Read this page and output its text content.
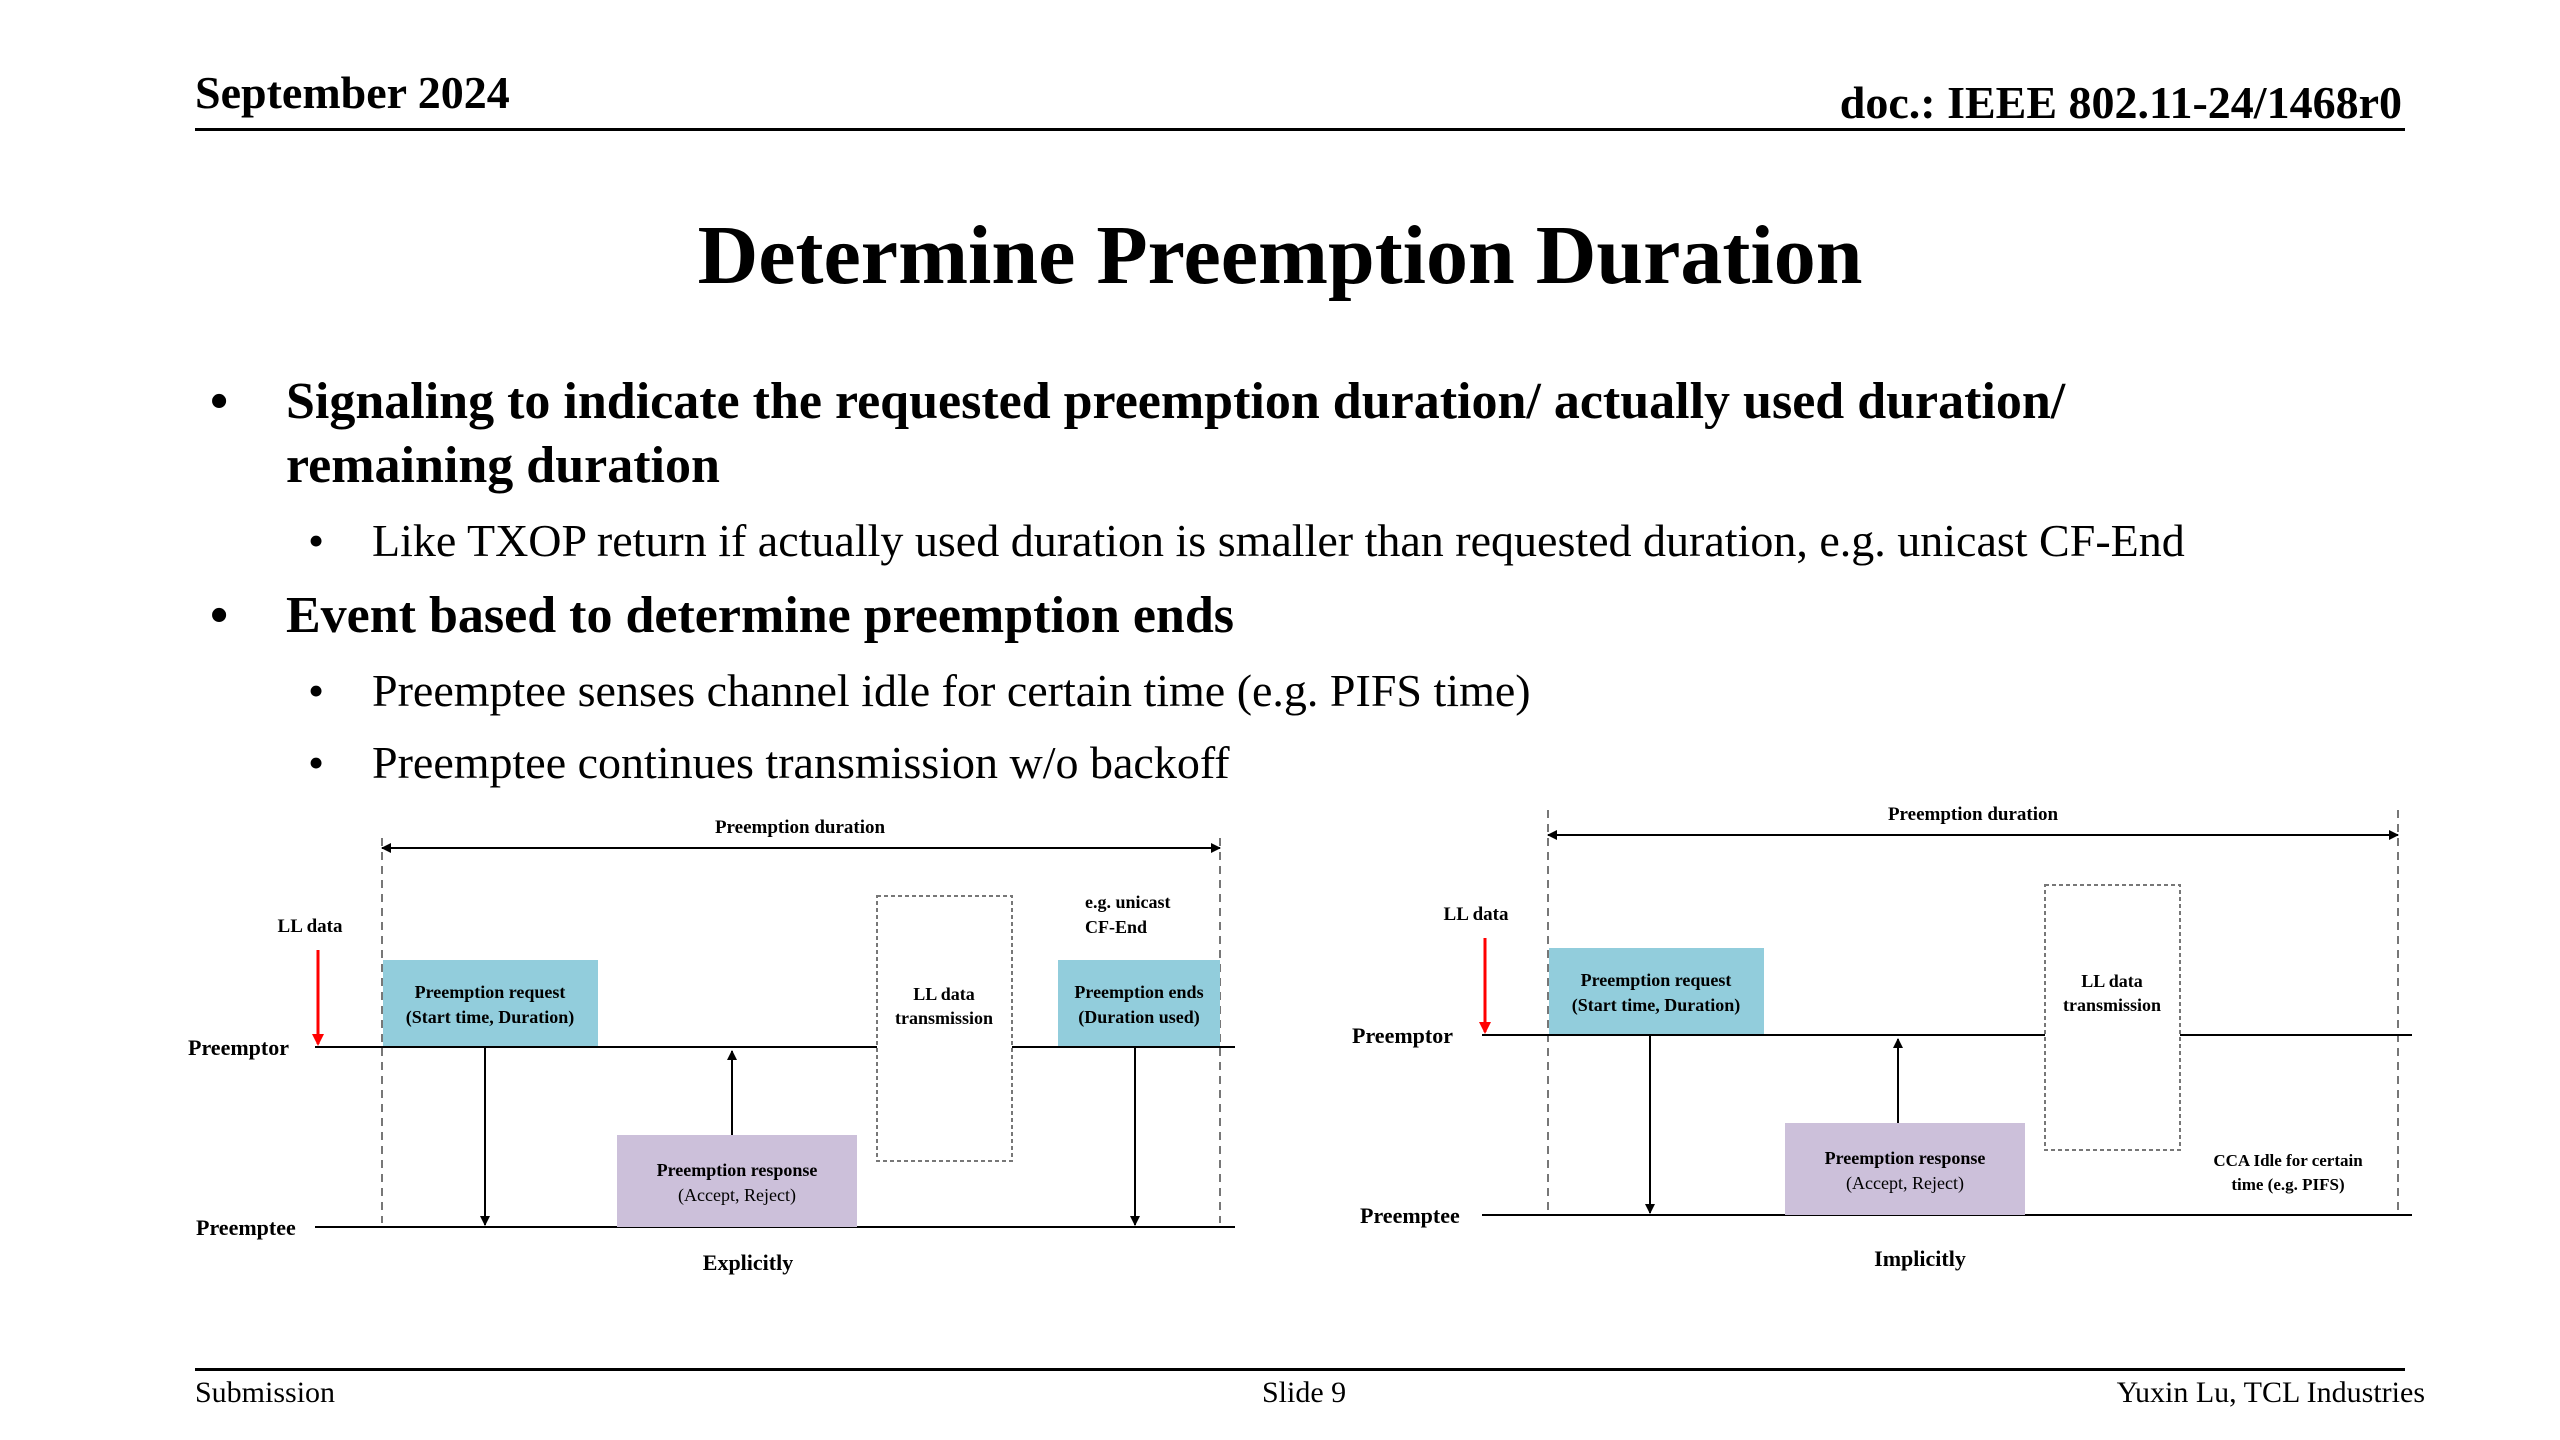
September 2024	doc.: IEEE 802.11-24/1468r0
Determine Preemption Duration
• Signaling to indicate the requested preemption duration/ actually used duration/
remaining duration
• Like TXOP return if actually used duration is smaller than requested duration, e.g. unicast CF-End
• Event based to determine preemption ends
• Preemptee senses channel idle for certain time (e.g. PIFS time)
• Preemptee continues transmission w/o backoff
Preemption duration
LL data
Preemptor
Preemptee
Preemption request
(Start time, Duration)
Preemption response
(Accept, Reject)
LL data
transmission
e.g. unicast
CF-End
Preemption ends
(Duration used)
Explicitly
Preemption duration
LL data
Preemptor
Preemptee
Preemption request
(Start time, Duration)
Preemption response
(Accept, Reject)
LL data
transmission
CCA Idle for certain
time (e.g. PIFS)
Implicitly
Submission	Slide 9	Yuxin Lu, TCL Industries
